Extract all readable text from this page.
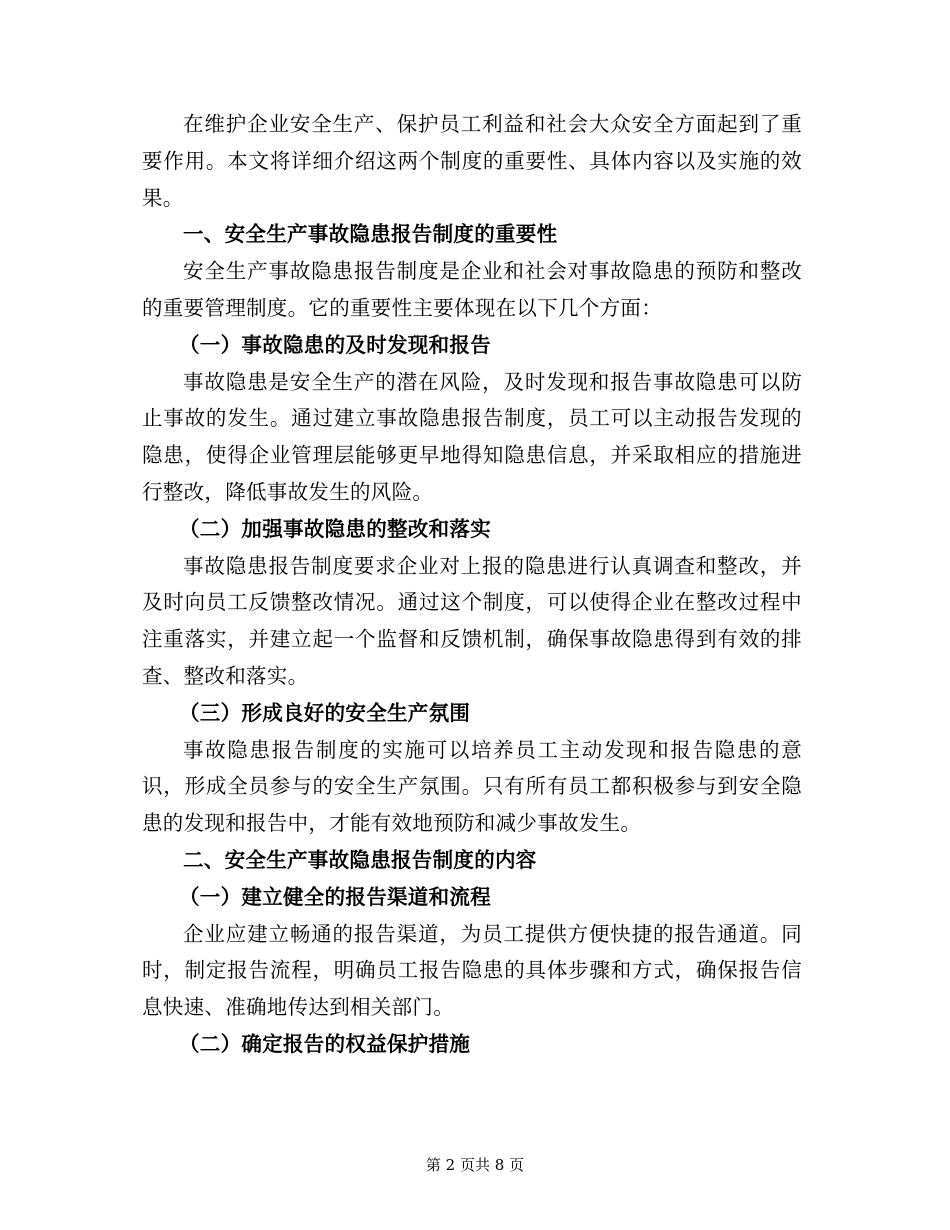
在维护企业安全生产、保护员工利益和社会大众安全方面起到了重要作用。本文将详细介绍这两个制度的重要性、具体内容以及实施的效果。

一、安全生产事故隐患报告制度的重要性

安全生产事故隐患报告制度是企业和社会对事故隐患的预防和整改的重要管理制度。它的重要性主要体现在以下几个方面：

（一）事故隐患的及时发现和报告

事故隐患是安全生产的潜在风险，及时发现和报告事故隐患可以防止事故的发生。通过建立事故隐患报告制度，员工可以主动报告发现的隐患，使得企业管理层能够更早地得知隐患信息，并采取相应的措施进行整改，降低事故发生的风险。

（二）加强事故隐患的整改和落实

事故隐患报告制度要求企业对上报的隐患进行认真调查和整改，并及时向员工反馈整改情况。通过这个制度，可以使得企业在整改过程中注重落实，并建立起一个监督和反馈机制，确保事故隐患得到有效的排查、整改和落实。

（三）形成良好的安全生产氛围

事故隐患报告制度的实施可以培养员工主动发现和报告隐患的意识，形成全员参与的安全生产氛围。只有所有员工都积极参与到安全隐患的发现和报告中，才能有效地预防和减少事故发生。

二、安全生产事故隐患报告制度的内容

（一）建立健全的报告渠道和流程

企业应建立畅通的报告渠道，为员工提供方便快捷的报告通道。同时，制定报告流程，明确员工报告隐患的具体步骤和方式，确保报告信息快速、准确地传达到相关部门。

（二）确定报告的权益保护措施

第 2 页共 8 页
